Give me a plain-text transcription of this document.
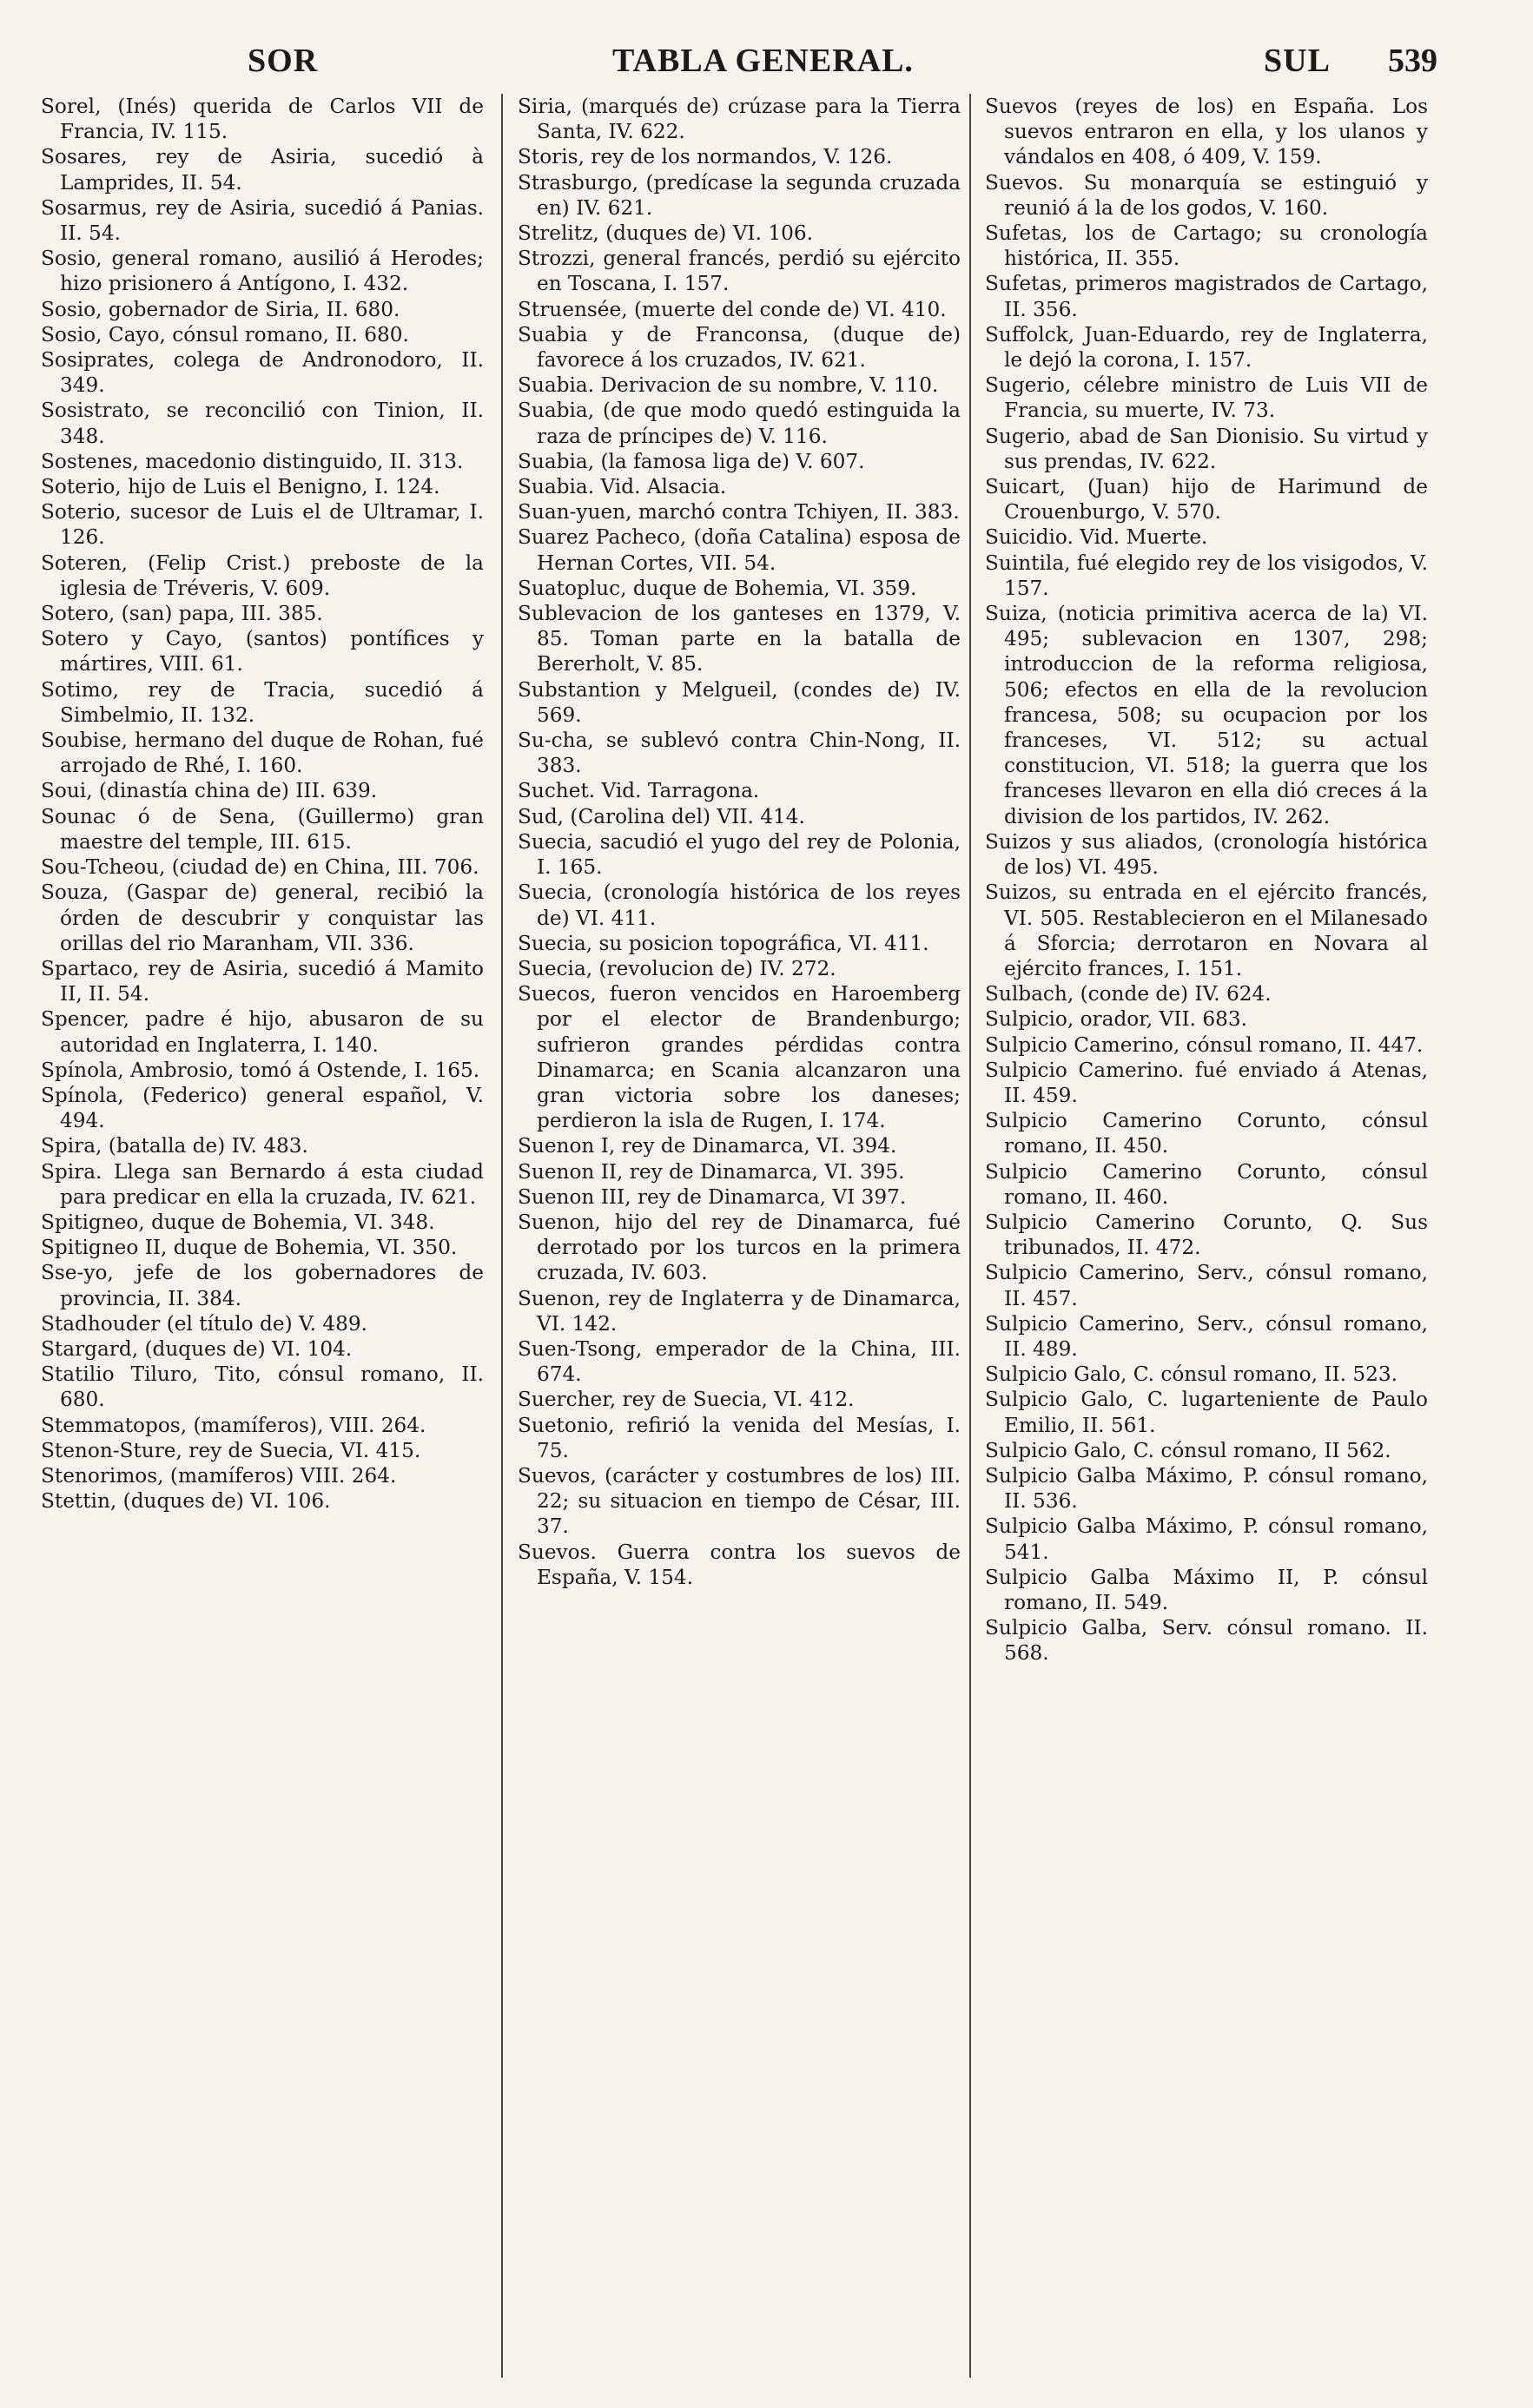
SOR	TABLA GENERAL.	SUL 539

Sorel, (Inés) querida de Carlos VII de Francia, IV. 115.

Sosares, rey de Asiria, sucedió à Lamprides, II. 54.

Sosarmus, rey de Asiria, sucedió á Panias. II. 54.

Sosio, general romano, ausilió á Herodes; hizo prisionero á Antígono, I. 432.

Sosio, gobernador de Siria, II. 680.

Sosio, Cayo, cónsul romano, II. 680.

Sosiprates, colega de Andronodoro, II. 349.

Sosistrato, se reconcilió con Tinion, II. 348.

Sostenes, macedonio distinguido, II. 313.

Soterio, hijo de Luis el Benigno, I. 124.

Soterio, sucesor de Luis el de Ultramar, I. 126.

Soteren, (Felip Crist.) preboste de la iglesia de Tréveris, V. 609.

Sotero, (san) papa, III. 385.

Sotero y Cayo, (santos) pontífices y mártires, VIII. 61.

Sotimo, rey de Tracia, sucedió á Simbelmio, II. 132.

Soubise, hermano del duque de Rohan, fué arrojado de Rhé, I. 160.

Soui, (dinastía china de) III. 639.

Sounac ó de Sena, (Guillermo) gran maestre del temple, III. 615.

Sou-Tcheou, (ciudad de) en China, III. 706.

Souza, (Gaspar de) general, recibió la órden de descubrir y conquistar las orillas del rio Maranham, VII. 336.

Spartaco, rey de Asiria, sucedió á Mamito II, II. 54.

Spencer, padre é hijo, abusaron de su autoridad en Inglaterra, I. 140.

Spínola, Ambrosio, tomó á Ostende, I. 165.

Spínola, (Federico) general español, V. 494.

Spira, (batalla de) IV. 483.

Spira. Llega san Bernardo á esta ciudad para predicar en ella la cruzada, IV. 621.

Spitigneo, duque de Bohemia, VI. 348.

Spitigneo II, duque de Bohemia, VI. 350.

Sse-yo, jefe de los gobernadores de provincia, II. 384.

Stadhouder (el título de) V. 489.

Stargard, (duques de) VI. 104.

Statilio Tiluro, Tito, cónsul romano, II. 680.

Stemmatopos, (mamíferos), VIII. 264.

Stenon-Sture, rey de Suecia, VI. 415.

Stenorimos, (mamíferos) VIII. 264.

Stettin, (duques de) VI. 106.

Siria, (marqués de) crúzase para la Tierra Santa, IV. 622.

Storis, rey de los normandos, V. 126.

Strasburgo, (predícase la segunda cruzada en) IV. 621.

Strelitz, (duques de) VI. 106.

Strozzi, general francés, perdió su ejército en Toscana, I. 157.

Struensée, (muerte del conde de) VI. 410.

Suabia y de Franconsa, (duque de) favorece á los cruzados, IV. 621.

Suabia. Derivacion de su nombre, V. 110.

Suabia, (de que modo quedó estinguida la raza de príncipes de) V. 116.

Suabia, (la famosa liga de) V. 607.

Suabia. Vid. Alsacia.

Suan-yuen, marchó contra Tchiyen, II. 383.

Suarez Pacheco, (doña Catalina) esposa de Hernan Cortes, VII. 54.

Suatopluc, duque de Bohemia, VI. 359.

Sublevacion de los ganteses en 1379, V. 85. Toman parte en la batalla de Bererholt, V. 85.

Substantion y Melgueil, (condes de) IV. 569.

Su-cha, se sublevó contra Chin-Nong, II. 383.

Suchet. Vid. Tarragona.

Sud, (Carolina del) VII. 414.

Suecia, sacudió el yugo del rey de Polonia, I. 165.

Suecia, (cronología histórica de los reyes de) VI. 411.

Suecia, su posicion topográfica, VI. 411.

Suecia, (revolucion de) IV. 272.

Suecos, fueron vencidos en Haroemberg por el elector de Brandenburgo; sufrieron grandes pérdidas contra Dinamarca; en Scania alcanzaron una gran victoria sobre los daneses; perdieron la isla de Rugen, I. 174.

Suenon I, rey de Dinamarca, VI. 394.

Suenon II, rey de Dinamarca, VI. 395.

Suenon III, rey de Dinamarca, VI 397.

Suenon, hijo del rey de Dinamarca, fué derrotado por los turcos en la primera cruzada, IV. 603.

Suenon, rey de Inglaterra y de Dinamarca, VI. 142.

Suen-Tsong, emperador de la China, III. 674.

Suercher, rey de Suecia, VI. 412.

Suetonio, refirió la venida del Mesías, I. 75.

Suevos, (carácter y costumbres de los) III. 22; su situacion en tiempo de César, III. 37.

Suevos. Guerra contra los suevos de España, V. 154.

Suevos (reyes de los) en España. Los suevos entraron en ella, y los ulanos y vándalos en 408, ó 409, V. 159.

Suevos. Su monarquía se estinguió y reunió á la de los godos, V. 160.

Sufetas, los de Cartago; su cronología histórica, II. 355.

Sufetas, primeros magistrados de Cartago, II. 356.

Suffolck, Juan-Eduardo, rey de Inglaterra, le dejó la corona, I. 157.

Sugerio, célebre ministro de Luis VII de Francia, su muerte, IV. 73.

Sugerio, abad de San Dionisio. Su virtud y sus prendas, IV. 622.

Suicart, (Juan) hijo de Harimund de Crouenburgo, V. 570.

Suicidio. Vid. Muerte.

Suintila, fué elegido rey de los visigodos, V. 157.

Suiza, (noticia primitiva acerca de la) VI. 495; sublevacion en 1307, 298; introduccion de la reforma religiosa, 506; efectos en ella de la revolucion francesa, 508; su ocupacion por los franceses, VI. 512; su actual constitucion, VI. 518; la guerra que los franceses llevaron en ella dió creces á la division de los partidos, IV. 262.

Suizos y sus aliados, (cronología histórica de los) VI. 495.

Suizos, su entrada en el ejército francés, VI. 505. Restablecieron en el Milanesado á Sforcia; derrotaron en Novara al ejército frances, I. 151.

Sulbach, (conde de) IV. 624.

Sulpicio, orador, VII. 683.

Sulpicio Camerino, cónsul romano, II. 447.

Sulpicio Camerino. fué enviado á Atenas, II. 459.

Sulpicio Camerino Corunto, cónsul romano, II. 450.

Sulpicio Camerino Corunto, cónsul romano, II. 460.

Sulpicio Camerino Corunto, Q. Sus tribunados, II. 472.

Sulpicio Camerino, Serv., cónsul romano, II. 457.

Sulpicio Camerino, Serv., cónsul romano, II. 489.

Sulpicio Galo, C. cónsul romano, II. 523.

Sulpicio Galo, C. lugarteniente de Paulo Emilio, II. 561.

Sulpicio Galo, C. cónsul romano, II 562.

Sulpicio Galba Máximo, P. cónsul romano, II. 536.

Sulpicio Galba Máximo, P. cónsul romano, 541.

Sulpicio Galba Máximo II, P. cónsul romano, II. 549.

Sulpicio Galba, Serv. cónsul romano. II. 568.
